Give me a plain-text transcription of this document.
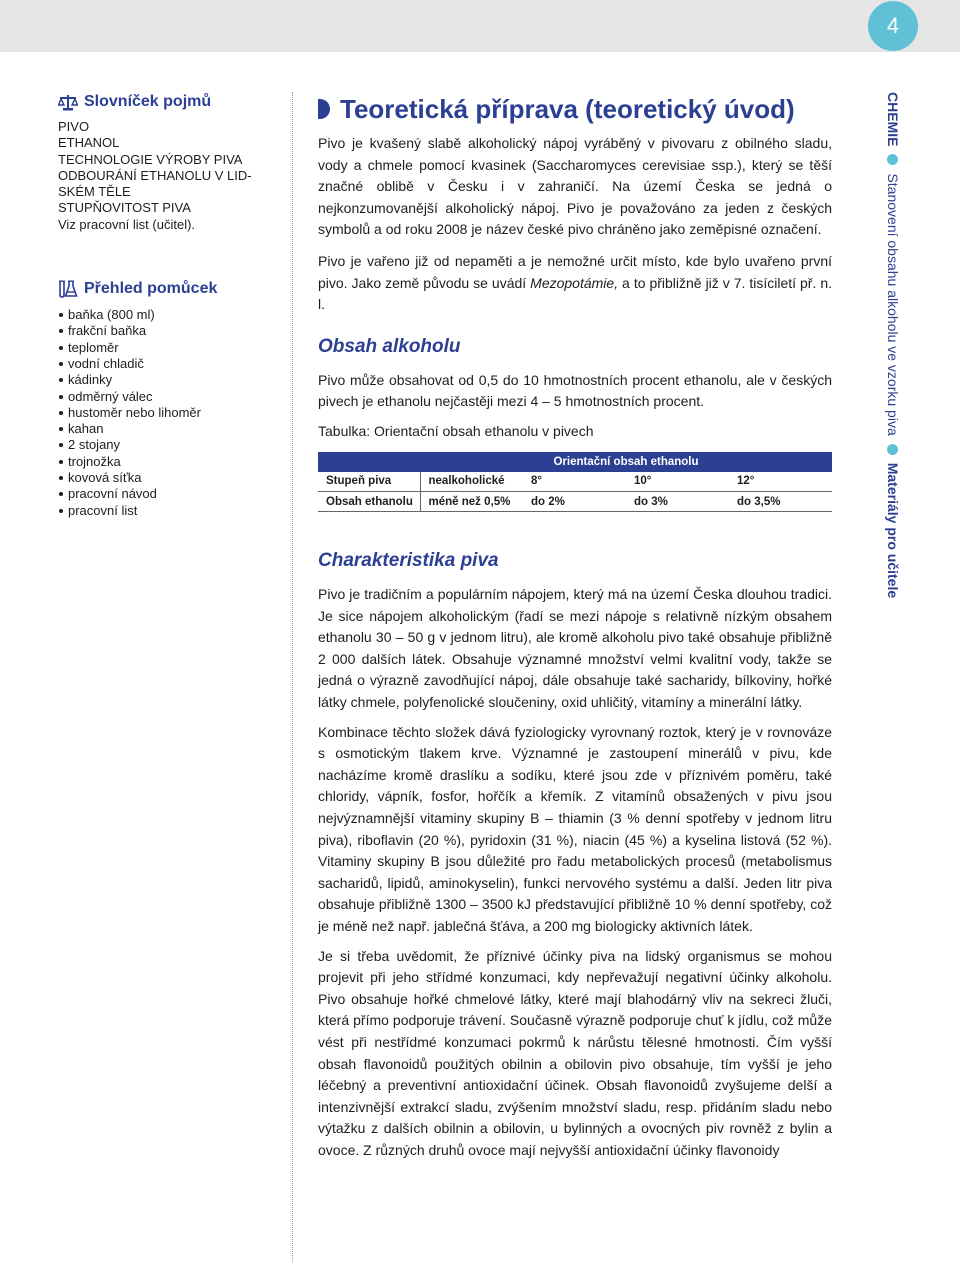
4
Slovníček pojmů
PIVO
ETHANOL
TECHNOLOGIE VÝROBY PIVA
ODBOURÁNÍ ETHANOLU V LID-
SKÉM TĚLE
STUPŇOVITOST PIVA
Viz pracovní list (učitel).
Přehled pomůcek
baňka (800 ml)
frakční baňka
teploměr
vodní chladič
kádinky
odměrný válec
hustoměr nebo lihoměr
kahan
2 stojany
trojnožka
kovová síťka
pracovní návod
pracovní list
Teoretická příprava (teoretický úvod)

Pivo je kvašený slabě alkoholický nápoj vyráběný v pivovaru z obilného sladu, vody a chmele pomocí kvasinek (Saccharomyces cerevisiae ssp.), který se těší značné oblibě v Česku i v zahraničí. Na území Česka se jedná o nejkonzumovanější alkoholický nápoj. Pivo je považováno za jeden z českých symbolů a od roku 2008 je název české pivo chráněno jako zeměpisné označení.

Pivo je vařeno již od nepaměti a je nemožné určit místo, kde bylo uvařeno první pivo. Jako země původu se uvádí Mezopotámie, a to přibližně již v 7. tisíciletí př. n. l.

Obsah alkoholu

Pivo může obsahovat od 0,5 do 10 hmotnostních procent ethanolu, ale v českých pivech je ethanolu nejčastěji mezi 4 – 5 hmotnostních procent.

Tabulka: Orientační obsah ethanolu v pivech

	Orientační obsah ethanolu			
Stupeň piva	nealkoholické	8°	10°	12°
Obsah ethanolu	méně než 0,5%	do 2%	do 3%	do 3,5%
Charakteristika piva

Pivo je tradičním a populárním nápojem, který má na území Česka dlouhou tradici. Je sice nápojem alkoholickým (řadí se mezi nápoje s relativně nízkým obsahem ethanolu 30 – 50 g v jednom litru), ale kromě alkoholu pivo také obsahuje přibližně 2 000 dalších látek. Obsahuje významné množství velmi kvalitní vody, takže se jedná o výrazně zavodňující nápoj, dále obsahuje také sacharidy, bílkoviny, hořké látky chmele, polyfenolické sloučeniny, oxid uhličitý, vitamíny a minerální látky.

Kombinace těchto složek dává fyziologicky vyrovnaný roztok, který je v rovnováze s osmotickým tlakem krve. Významné je zastoupení minerálů v pivu, kde nacházíme kromě draslíku a sodíku, které jsou zde v příznivém poměru, také chloridy, vápník, fosfor, hořčík a křemík. Z vitamínů obsažených v pivu jsou nejvýznamnější vitaminy skupiny B – thiamin (3 % denní spotřeby v jednom litru piva), riboflavin (20 %), pyridoxin (31 %), niacin (45 %) a kyselina listová (52 %). Vitaminy skupiny B jsou důležité pro řadu metabolických procesů (metabolismus sacharidů, lipidů, aminokyselin), funkci nervového systému a další. Jeden litr piva obsahuje přibližně 1300 – 3500 kJ představující přibližně 10 % denní spotřeby, což je méně než např. jablečná šťáva, a 200 mg biologicky aktivních látek.

Je si třeba uvědomit, že příznivé účinky piva na lidský organismus se mohou projevit při jeho střídmé konzumaci, kdy nepřevažují negativní účinky alkoholu. Pivo obsahuje hořké chmelové látky, které mají blahodárný vliv na sekreci žluči, která přímo podporuje trávení. Současně výrazně podporuje chuť k jídlu, což může vést při nestřídmé konzumaci pokrmů k nárůstu tělesné hmotnosti. Čím vyšší obsah flavonoidů použitých obilnin a obilovin pivo obsahuje, tím vyšší je jeho léčebný a preventivní antioxidační účinek. Obsah flavonoidů zvyšujeme delší a intenzivnější extrakcí sladu, zvýšením množství sladu, resp. přidáním sladu nebo výtažku z dalších obilnin a obilovin, u bylinných a ovocných piv rovněž z bylin a ovoce. Z různých druhů ovoce mají nejvyšší antioxidační účinky flavonoidy

CHEMIE
Stanovení obsahu alkoholu ve vzorku piva
Materiály pro učitele
